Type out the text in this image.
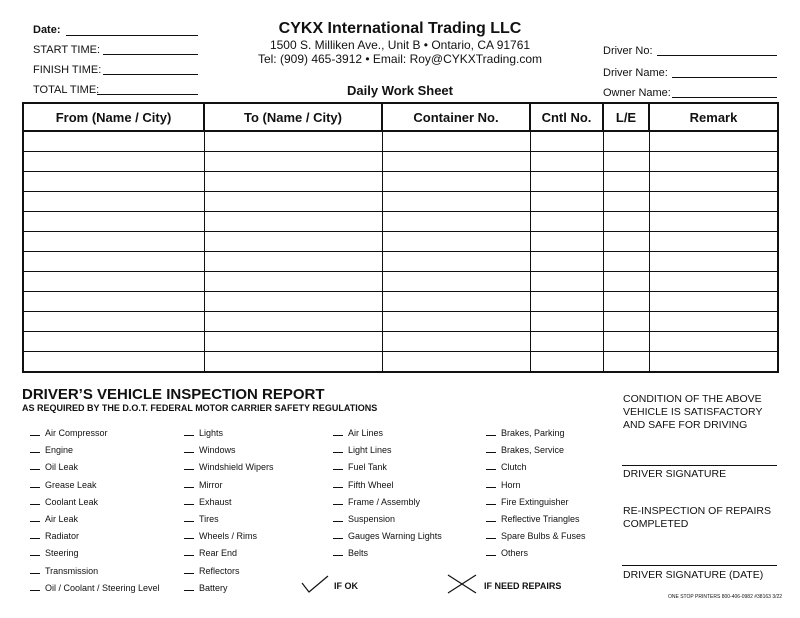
Date:
START TIME:
FINISH TIME:
TOTAL TIME:
CYKX International Trading LLC
1500 S. Milliken Ave., Unit B • Ontario, CA 91761
Tel: (909) 465-3912 • Email: Roy@CYKXTrading.com
Daily Work Sheet
Driver No:
Driver Name:
Owner Name:
From (Name / City)	To (Name / City)	Container No.	Cntl No.	L/E	Remark

DRIVER’S VEHICLE INSPECTION REPORT
AS REQUIRED BY THE D.O.T. FEDERAL MOTOR CARRIER SAFETY REGULATIONS
Air Compressor
Engine
Oil Leak
Grease Leak
Coolant Leak
Air Leak
Radiator
Steering
Transmission
Oil / Coolant / Steering Level
Lights
Windows
Windshield Wipers
Mirror
Exhaust
Tires
Wheels / Rims
Rear End
Reflectors
Battery
Air Lines
Light Lines
Fuel Tank
Fifth Wheel
Frame / Assembly
Suspension
Gauges Warning Lights
Belts
Brakes, Parking
Brakes, Service
Clutch
Horn
Fire Extinguisher
Reflective Triangles
Spare Bulbs & Fuses
Others
IF OK	IF NEED REPAIRS
CONDITION OF THE ABOVE VEHICLE IS SATISFACTORY AND SAFE FOR DRIVING
DRIVER SIGNATURE
RE-INSPECTION OF REPAIRS COMPLETED
DRIVER SIGNATURE (DATE)
ONE STOP PRINTERS 800-406-0982 #38163 3/22
